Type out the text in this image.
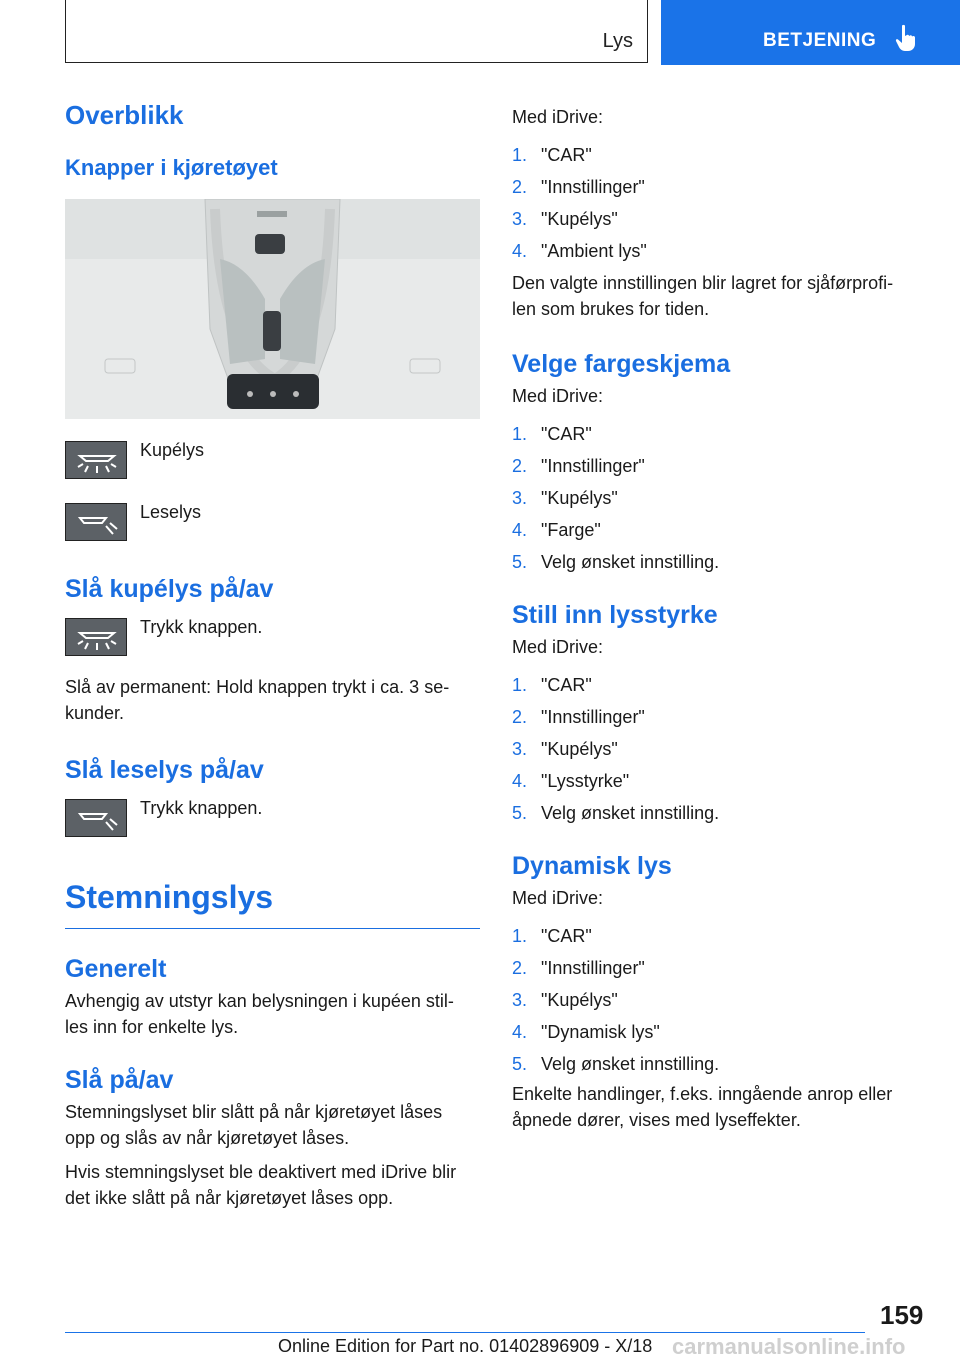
Lys	BETJENING
Overblikk
Knapper i kjøretøyet
Kupélys
Leselys
Slå kupélys på/av
Trykk knappen.

Slå av permanent: Hold knappen trykt i ca. 3 se-

kunder.

Slå leselys på/av
Trykk knappen.
Stemningslys
Generelt

Avhengig av utstyr kan belysningen i kupéen stil-

les inn for enkelte lys.

Slå på/av

Stemningslyset blir slått på når kjøretøyet låses

opp og slås av når kjøretøyet låses.

Hvis stemningslyset ble deaktivert med iDrive blir

det ikke slått på når kjøretøyet låses opp.

Med iDrive:

1. "CAR"
2. "Innstillinger"
3. "Kupélys"
4. "Ambient lys"

Den valgte innstillingen blir lagret for sjåførprofi-

len som brukes for tiden.

Velge fargeskjema

Med iDrive:

1. "CAR"
2. "Innstillinger"
3. "Kupélys"
4. "Farge"
5. Velg ønsket innstilling.
Still inn lysstyrke

Med iDrive:

1. "CAR"
2. "Innstillinger"
3. "Kupélys"
4. "Lysstyrke"
5. Velg ønsket innstilling.
Dynamisk lys

Med iDrive:

1. "CAR"
2. "Innstillinger"
3. "Kupélys"
4. "Dynamisk lys"
5. Velg ønsket innstilling.

Enkelte handlinger, f.eks. inngående anrop eller

åpnede dører, vises med lyseffekter.

159
carmanualsonline.info
Online Edition for Part no. 01402896909 - X/18
